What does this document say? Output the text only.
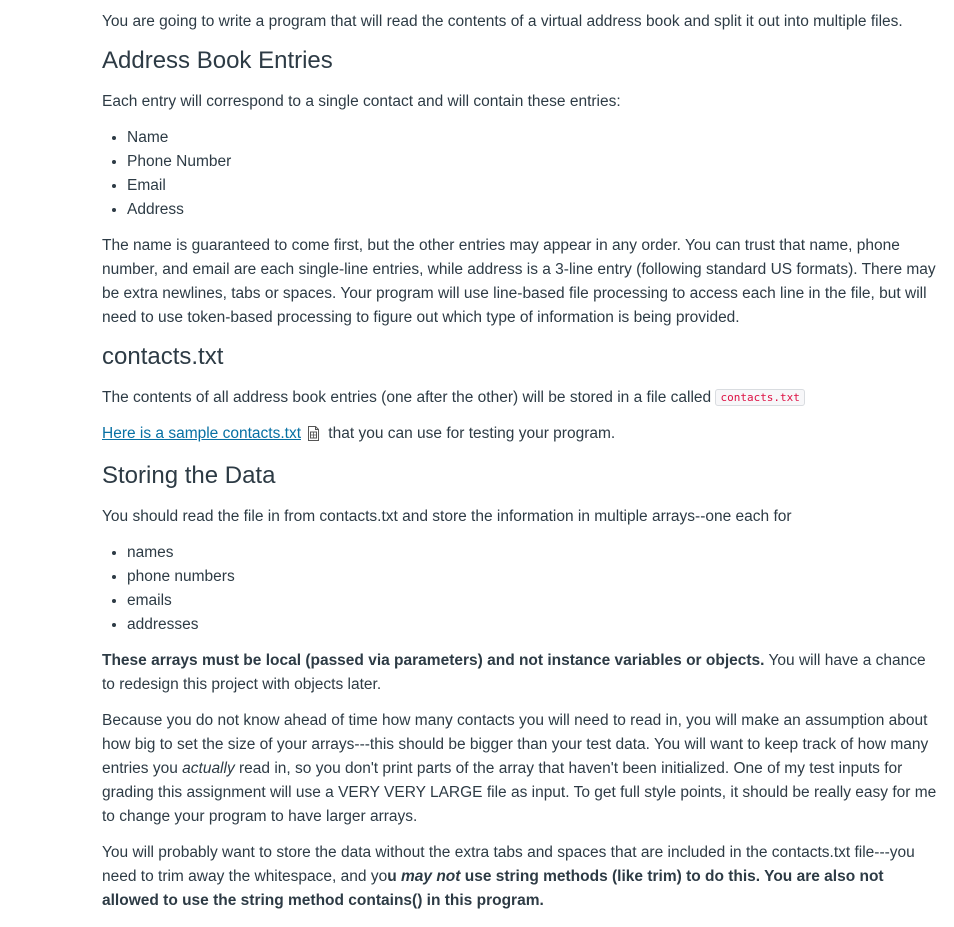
You are going to write a program that will read the contents of a virtual address book and split it out into multiple files.

Address Book Entries

Each entry will correspond to a single contact and will contain these entries:

• Name
• Phone Number
• Email
• Address

The name is guaranteed to come first, but the other entries may appear in any order. You can trust that name, phone number, and email are each single-line entries, while address is a 3-line entry (following standard US formats). There may be extra newlines, tabs or spaces. Your program will use line-based file processing to access each line in the file, but will need to use token-based processing to figure out which type of information is being provided.

contacts.txt

The contents of all address book entries (one after the other) will be stored in a file called contacts.txt

Here is a sample contacts.txt that you can use for testing your program.

Storing the Data

You should read the file in from contacts.txt and store the information in multiple arrays--one each for

• names
• phone numbers
• emails
• addresses

These arrays must be local (passed via parameters) and not instance variables or objects. You will have a chance to redesign this project with objects later.

Because you do not know ahead of time how many contacts you will need to read in, you will make an assumption about how big to set the size of your arrays---this should be bigger than your test data. You will want to keep track of how many entries you actually read in, so you don't print parts of the array that haven't been initialized. One of my test inputs for grading this assignment will use a VERY VERY LARGE file as input. To get full style points, it should be really easy for me to change your program to have larger arrays.

You will probably want to store the data without the extra tabs and spaces that are included in the contacts.txt file---you need to trim away the whitespace, and you may not use string methods (like trim) to do this. You are also not allowed to use the string method contains() in this program.
